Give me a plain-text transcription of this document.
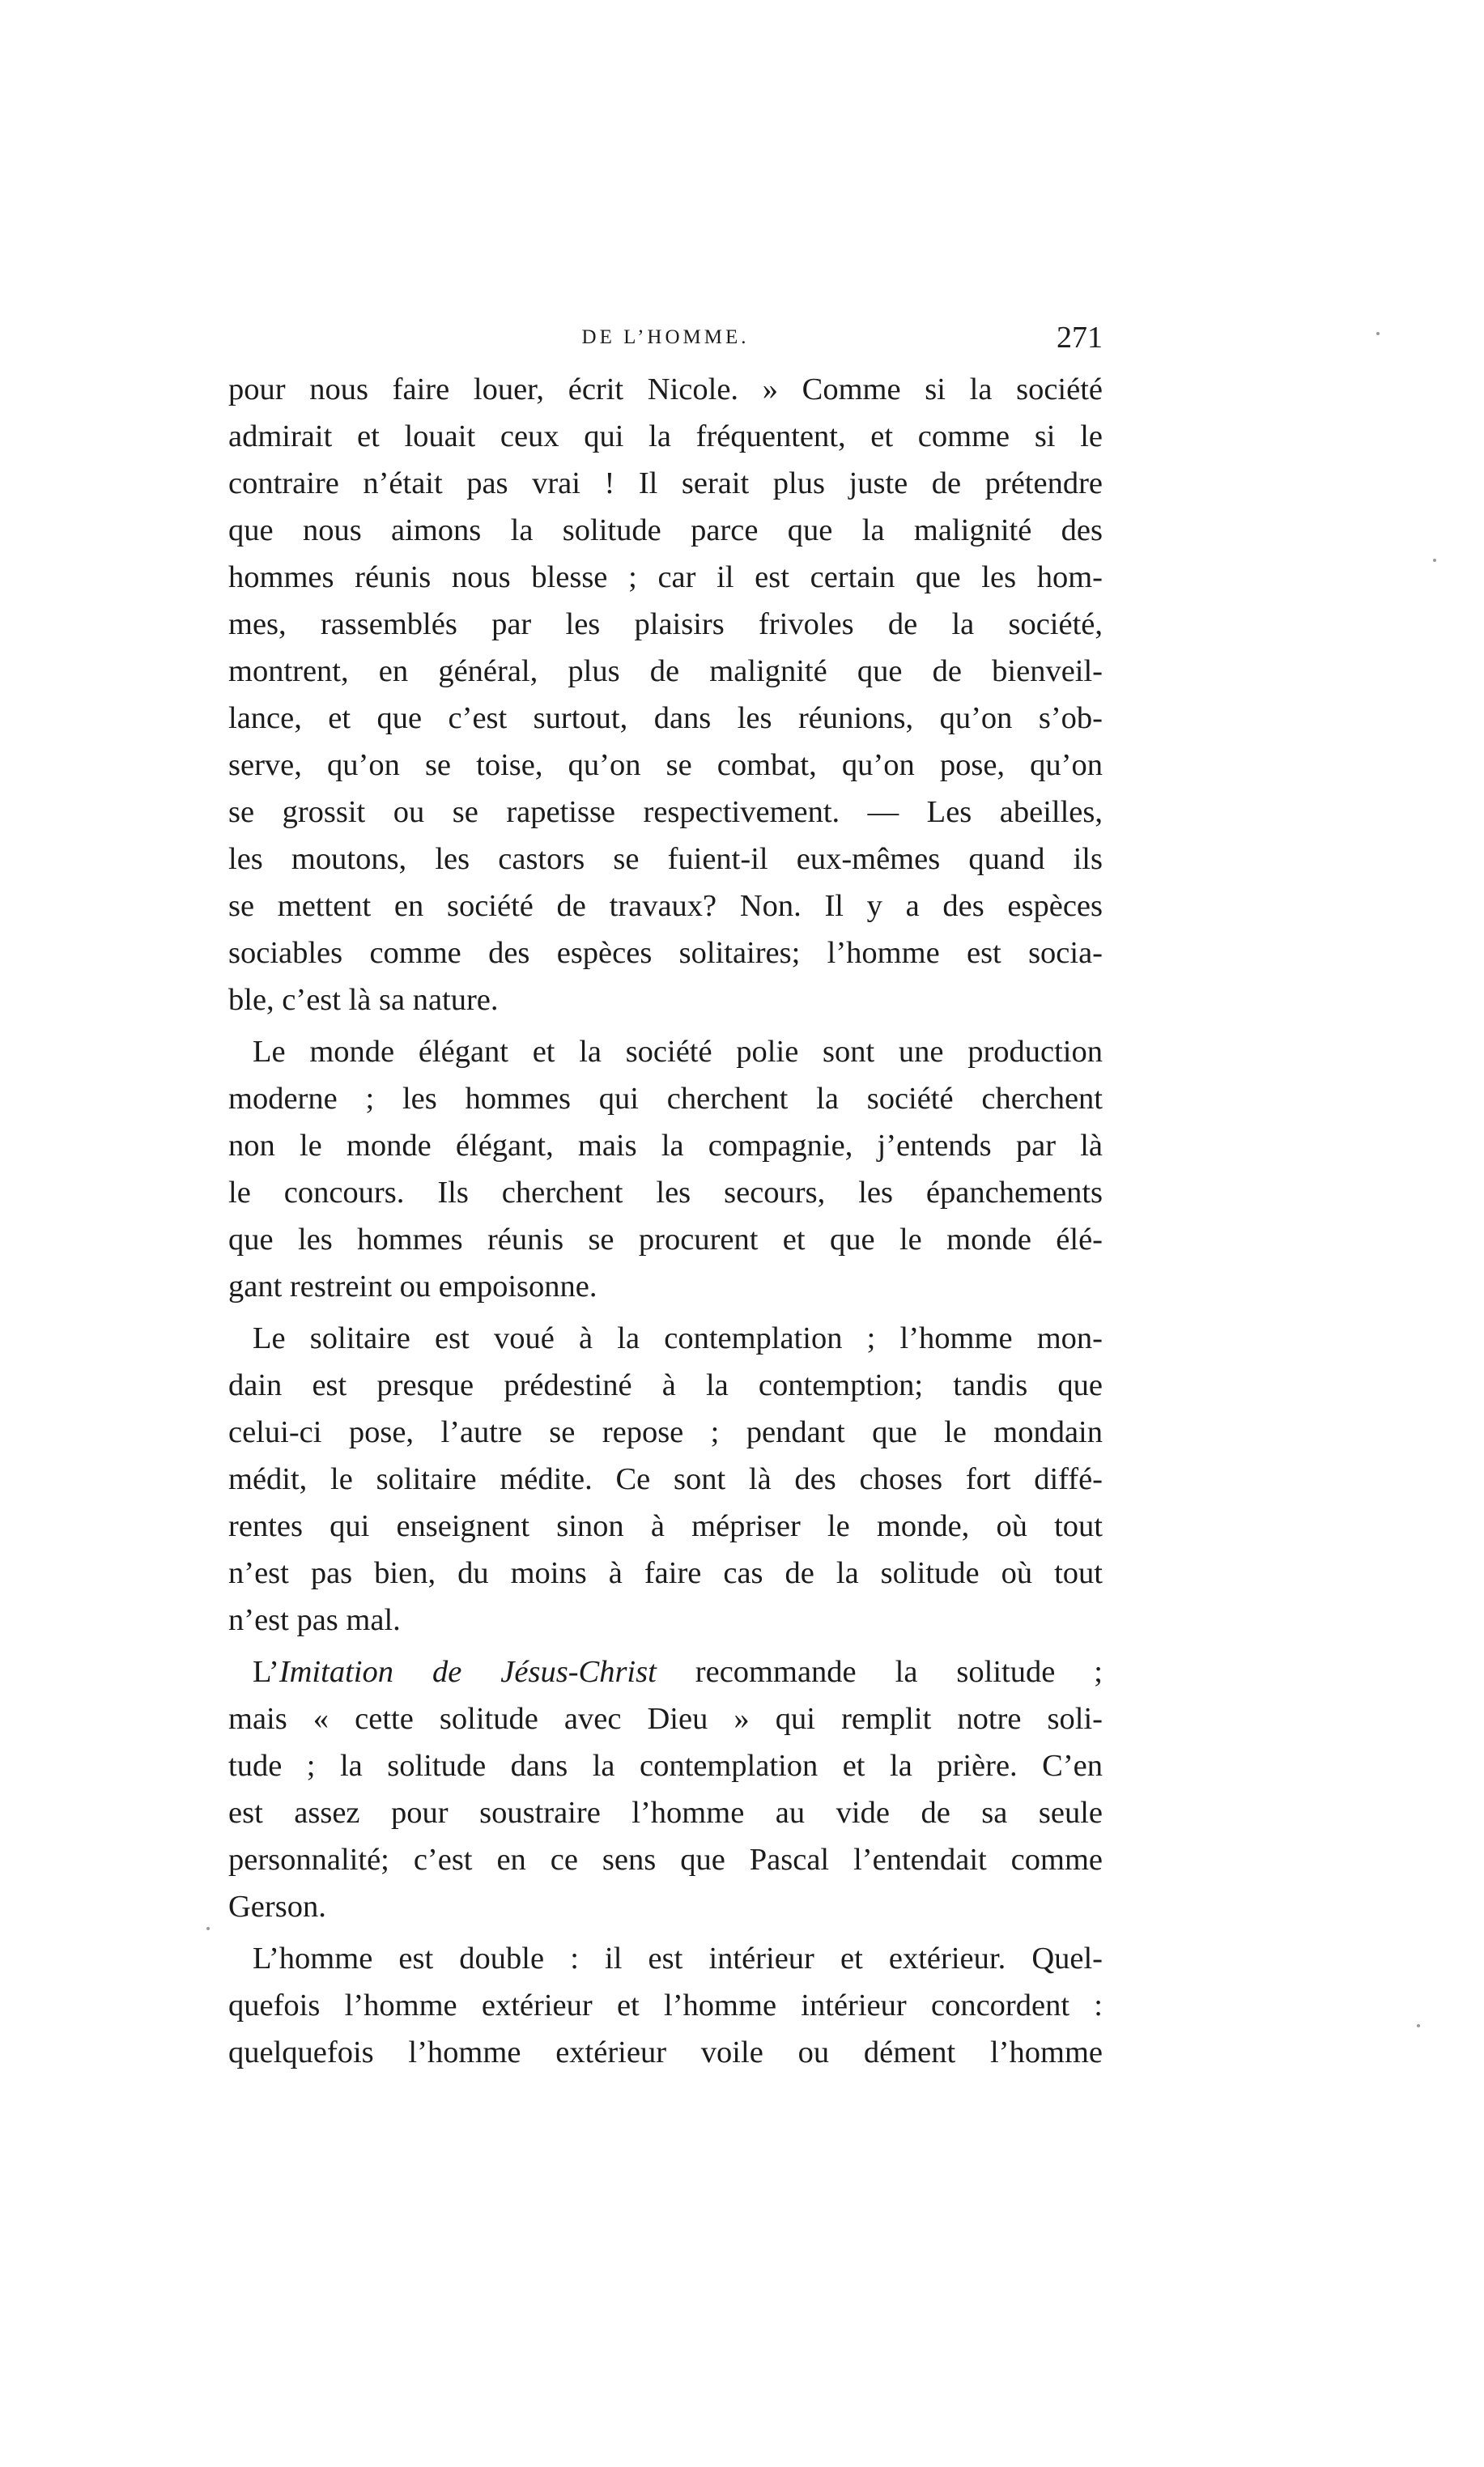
DE L’HOMME.	271
pour nous faire louer, écrit Nicole. » Comme si la société
admirait et louait ceux qui la fréquentent, et comme si le
contraire n’était pas vrai ! Il serait plus juste de prétendre
que nous aimons la solitude parce que la malignité des
hommes réunis nous blesse ; car il est certain que les hom-
mes, rassemblés par les plaisirs frivoles de la société,
montrent, en général, plus de malignité que de bienveil-
lance, et que c’est surtout, dans les réunions, qu’on s’ob-
serve, qu’on se toise, qu’on se combat, qu’on pose, qu’on
se grossit ou se rapetisse respectivement. — Les abeilles,
les moutons, les castors se fuient-il eux-mêmes quand ils
se mettent en société de travaux? Non. Il y a des espèces
sociables comme des espèces solitaires; l’homme est socia-
ble, c’est là sa nature.
Le monde élégant et la société polie sont une production
moderne ; les hommes qui cherchent la société cherchent
non le monde élégant, mais la compagnie, j’entends par là
le concours. Ils cherchent les secours, les épanchements
que les hommes réunis se procurent et que le monde élé-
gant restreint ou empoisonne.
Le solitaire est voué à la contemplation ; l’homme mon-
dain est presque prédestiné à la contemption; tandis que
celui-ci pose, l’autre se repose ; pendant que le mondain
médit, le solitaire médite. Ce sont là des choses fort diffé-
rentes qui enseignent sinon à mépriser le monde, où tout
n’est pas bien, du moins à faire cas de la solitude où tout
n’est pas mal.
L’Imitation de Jésus-Christ recommande la solitude ;
mais « cette solitude avec Dieu » qui remplit notre soli-
tude ; la solitude dans la contemplation et la prière. C’en
est assez pour soustraire l’homme au vide de sa seule
personnalité; c’est en ce sens que Pascal l’entendait comme
Gerson.
L’homme est double : il est intérieur et extérieur. Quel-
quefois l’homme extérieur et l’homme intérieur concordent :
quelquefois l’homme extérieur voile ou dément l’homme
